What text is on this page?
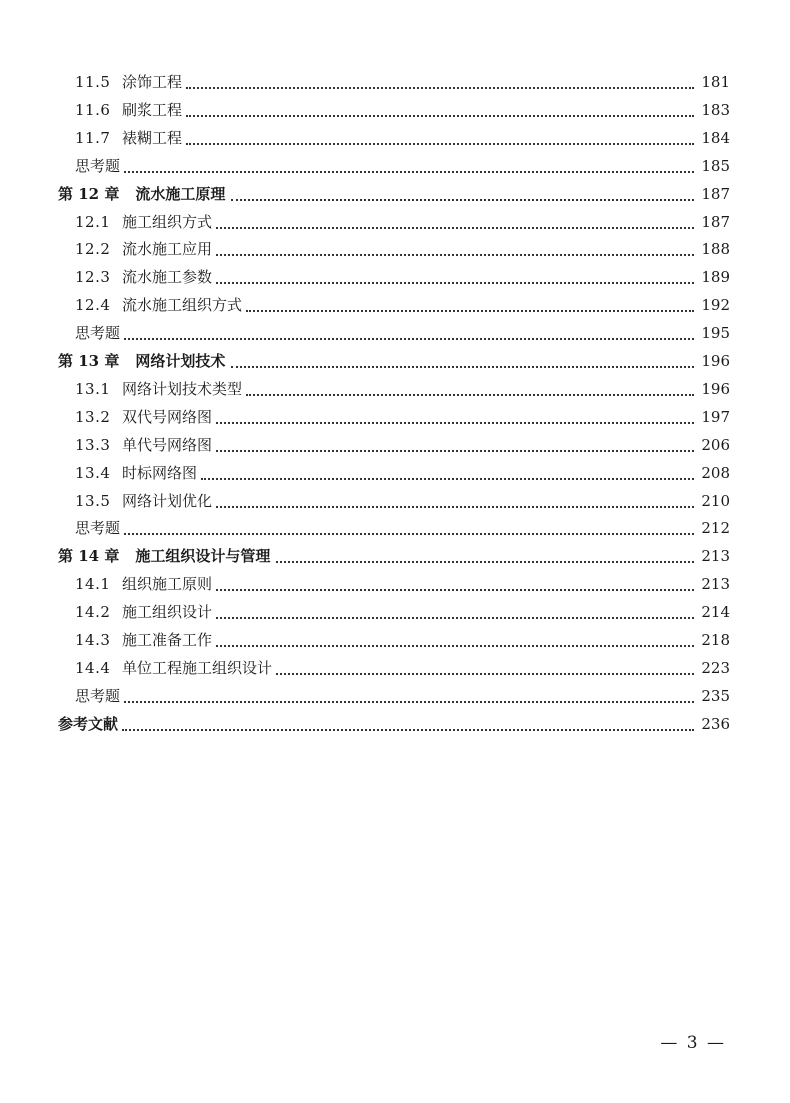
11.5 涂饰工程	181
11.6 刷浆工程	183
11.7 裱糊工程	184
思考题	185
第 12 章 流水施工原理	187
12.1 施工组织方式	187
12.2 流水施工应用	188
12.3 流水施工参数	189
12.4 流水施工组织方式	192
思考题	195
第 13 章 网络计划技术	196
13.1 网络计划技术类型	196
13.2 双代号网络图	197
13.3 单代号网络图	206
13.4 时标网络图	208
13.5 网络计划优化	210
思考题	212
第 14 章 施工组织设计与管理	213
14.1 组织施工原则	213
14.2 施工组织设计	214
14.3 施工准备工作	218
14.4 单位工程施工组织设计	223
思考题	235
参考文献	236
— 3 —
